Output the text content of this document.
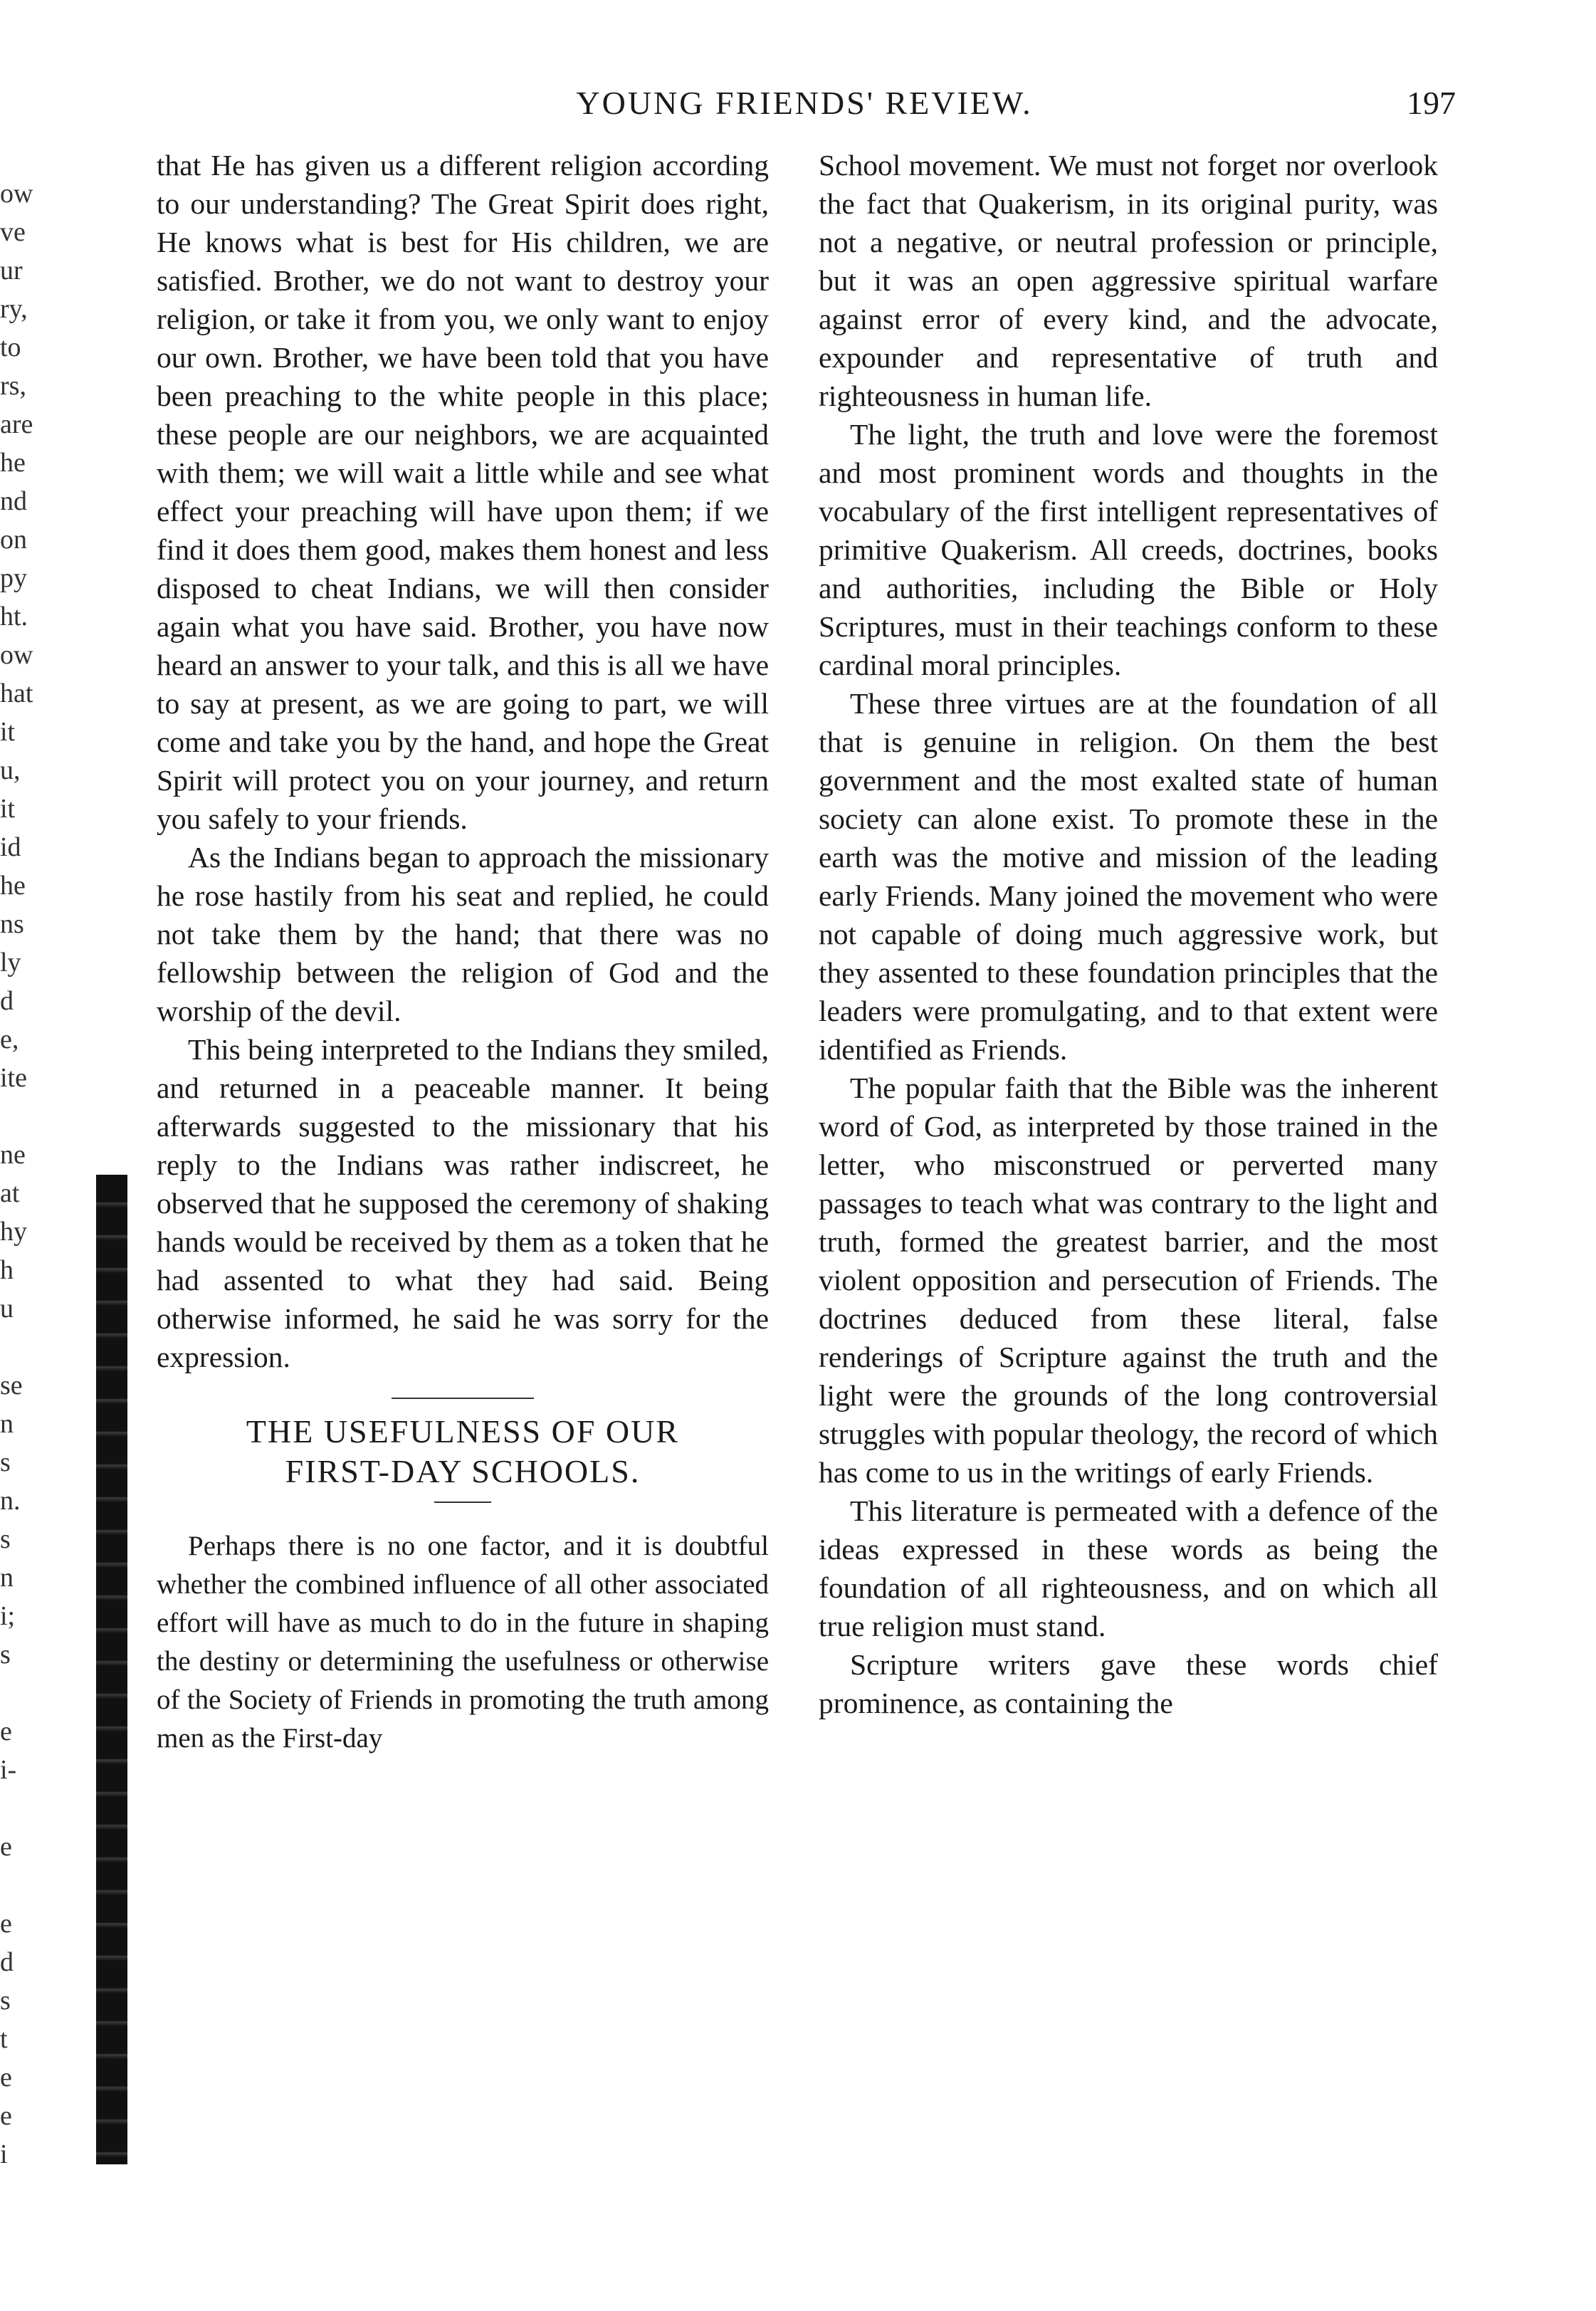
YOUNG FRIENDS' REVIEW.	197
ow
ve
ur
ry,
to
rs,
are
he
nd
on
py
ht.
ow
hat
it
u,
it
id
he
ns
ly
d
e,
ite
ne
at
hy
h
u
se
n
s
n.
s
n
i;
s
e
i-
e
e
d
s
t
e
e
i

that He has given us a different religion according to our understanding? The Great Spirit does right, He knows what is best for His children, we are satisfied. Brother, we do not want to destroy your religion, or take it from you, we only want to enjoy our own. Brother, we have been told that you have been preaching to the white people in this place; these people are our neighbors, we are acquainted with them; we will wait a little while and see what effect your preaching will have upon them; if we find it does them good, makes them honest and less disposed to cheat Indians, we will then consider again what you have said. Brother, you have now heard an answer to your talk, and this is all we have to say at present, as we are going to part, we will come and take you by the hand, and hope the Great Spirit will protect you on your journey, and return you safely to your friends.

As the Indians began to approach the missionary he rose hastily from his seat and replied, he could not take them by the hand; that there was no fellowship between the religion of God and the worship of the devil.

This being interpreted to the Indians they smiled, and returned in a peaceable manner. It being afterwards suggested to the missionary that his reply to the Indians was rather indiscreet, he observed that he supposed the ceremony of shaking hands would be received by them as a token that he had assented to what they had said. Being otherwise informed, he said he was sorry for the expression.

THE USEFULNESS OF OUR

FIRST-DAY SCHOOLS.

Perhaps there is no one factor, and it is doubtful whether the combined influence of all other associated effort will have as much to do in the future in shaping the destiny or determining the usefulness or otherwise of the Society of Friends in promoting the truth among men as the First-day

School movement. We must not forget nor overlook the fact that Quakerism, in its original purity, was not a negative, or neutral profession or principle, but it was an open aggressive spiritual warfare against error of every kind, and the advocate, expounder and representative of truth and righteousness in human life.

The light, the truth and love were the foremost and most prominent words and thoughts in the vocabulary of the first intelligent representatives of primitive Quakerism. All creeds, doctrines, books and authorities, including the Bible or Holy Scriptures, must in their teachings conform to these cardinal moral principles.

These three virtues are at the foundation of all that is genuine in religion. On them the best government and the most exalted state of human society can alone exist. To promote these in the earth was the motive and mission of the leading early Friends. Many joined the movement who were not capable of doing much aggressive work, but they assented to these foundation principles that the leaders were promulgating, and to that extent were identified as Friends.

The popular faith that the Bible was the inherent word of God, as interpreted by those trained in the letter, who misconstrued or perverted many passages to teach what was contrary to the light and truth, formed the greatest barrier, and the most violent opposition and persecution of Friends. The doctrines deduced from these literal, false renderings of Scripture against the truth and the light were the grounds of the long controversial struggles with popular theology, the record of which has come to us in the writings of early Friends.

This literature is permeated with a defence of the ideas expressed in these words as being the foundation of all righteousness, and on which all true religion must stand.

Scripture writers gave these words chief prominence, as containing the
